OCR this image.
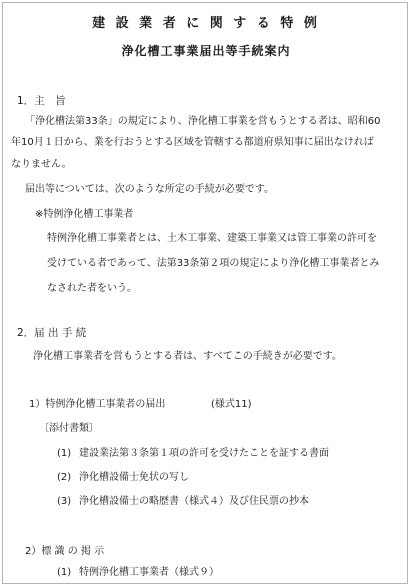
建 設 業 者 に 関 す る 特 例
浄化槽工事業届出等手続案内
1．主　旨
「浄化槽法第33条」の規定により、浄化槽工事業を営もうとする者は、昭和60
年10月１日から、業を行おうとする区域を管轄する都道府県知事に届出なければ
なりません。
届出等については、次のような所定の手続が必要です。
※特例浄化槽工事業者
特例浄化槽工事業者とは、土木工事業、建築工事業又は管工事業の許可を
受けている者であって、法第33条第２項の規定により浄化槽工事業者とみ
なされた者をいう。
2．届 出 手 続
浄化槽工事業者を営もうとする者は、すべてこの手続きが必要です。
1）特例浄化槽工事業者の届出	(様式11)
〔添付書類〕
(1) 建設業法第３条第１項の許可を受けたことを証する書面
(2) 浄化槽設備士免状の写し
(3) 浄化槽設備士の略歴書（様式４）及び住民票の抄本
2）標 識 の 掲 示
(1) 特例浄化槽工事業者（様式９）
